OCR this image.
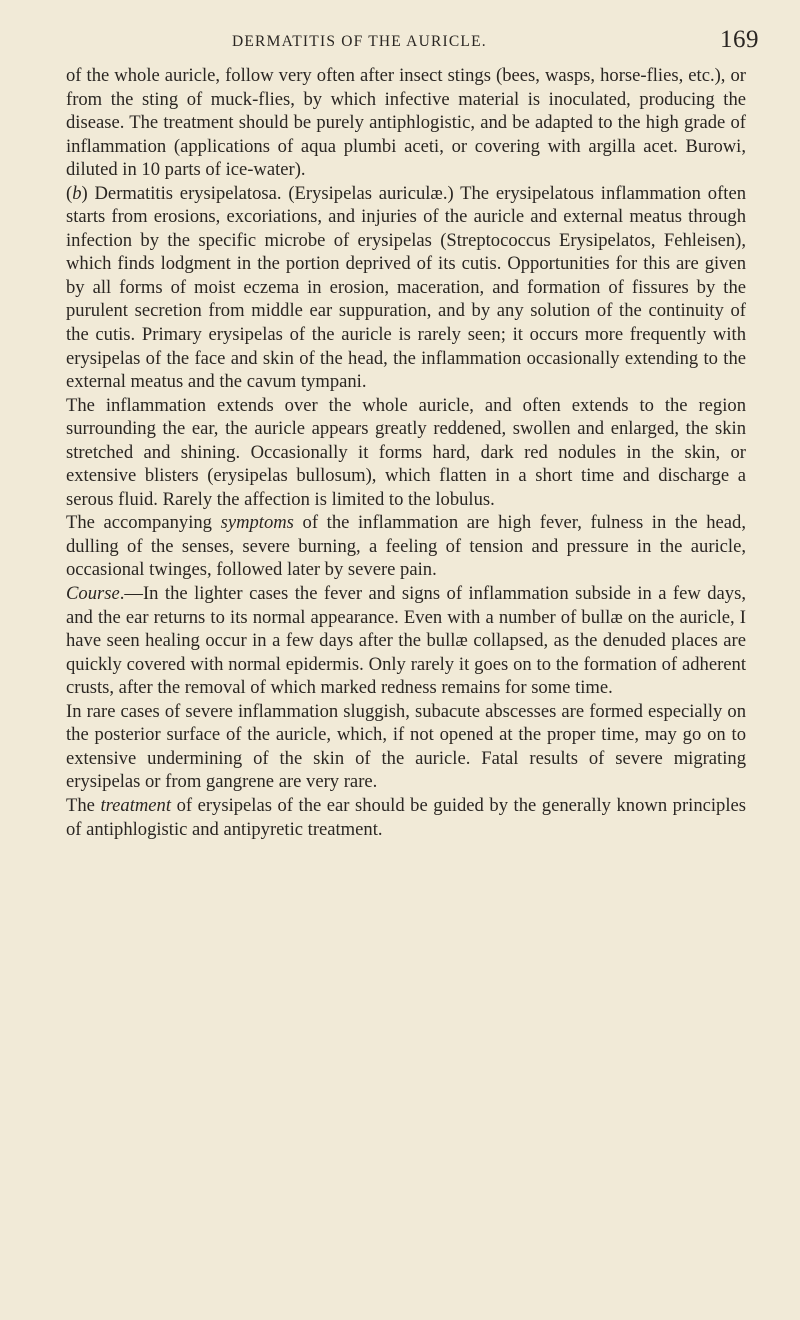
DERMATITIS OF THE AURICLE.	169

of the whole auricle, follow very often after insect stings (bees, wasps, horse-flies, etc.), or from the sting of muck-flies, by which infective material is inoculated, producing the disease. The treatment should be purely antiphlogistic, and be adapted to the high grade of inflammation (applications of aqua plumbi aceti, or covering with argilla acet. Burowi, diluted in 10 parts of ice-water).

(b) Dermatitis erysipelatosa. (Erysipelas auriculæ.) The erysipelatous inflammation often starts from erosions, excoriations, and injuries of the auricle and external meatus through infection by the specific microbe of erysipelas (Streptococcus Erysipelatos, Fehleisen), which finds lodgment in the portion deprived of its cutis. Opportunities for this are given by all forms of moist eczema in erosion, maceration, and formation of fissures by the purulent secretion from middle ear suppuration, and by any solution of the continuity of the cutis. Primary erysipelas of the auricle is rarely seen; it occurs more frequently with erysipelas of the face and skin of the head, the inflammation occasionally extending to the external meatus and the cavum tympani.

The inflammation extends over the whole auricle, and often extends to the region surrounding the ear, the auricle appears greatly reddened, swollen and enlarged, the skin stretched and shining. Occasionally it forms hard, dark red nodules in the skin, or extensive blisters (erysipelas bullosum), which flatten in a short time and discharge a serous fluid. Rarely the affection is limited to the lobulus.

The accompanying symptoms of the inflammation are high fever, fulness in the head, dulling of the senses, severe burning, a feeling of tension and pressure in the auricle, occasional twinges, followed later by severe pain.

Course.—In the lighter cases the fever and signs of inflammation subside in a few days, and the ear returns to its normal appearance. Even with a number of bullæ on the auricle, I have seen healing occur in a few days after the bullæ collapsed, as the denuded places are quickly covered with normal epidermis. Only rarely it goes on to the formation of adherent crusts, after the removal of which marked redness remains for some time.

In rare cases of severe inflammation sluggish, subacute abscesses are formed especially on the posterior surface of the auricle, which, if not opened at the proper time, may go on to extensive undermining of the skin of the auricle. Fatal results of severe migrating erysipelas or from gangrene are very rare.

The treatment of erysipelas of the ear should be guided by the generally known principles of antiphlogistic and antipyretic treatment.
